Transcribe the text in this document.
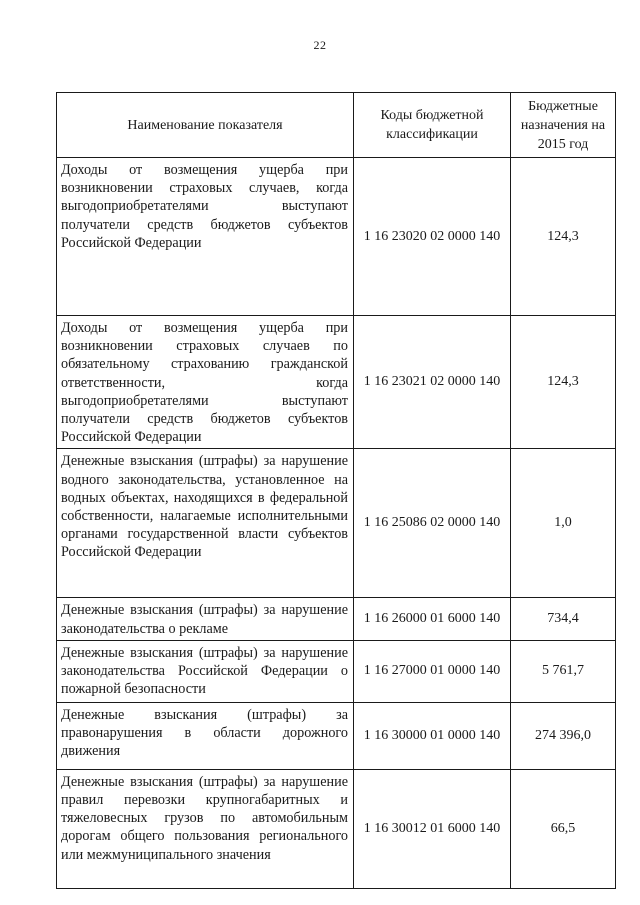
22
Наименование показателя	Коды бюджетной классификации	Бюджетные назначения на 2015 год
Доходы от возмещения ущерба при возникновении страховых случаев, когда выгодоприобретателями выступают получатели средств бюджетов субъектов Российской Федерации	1 16 23020 02 0000 140	124,3
Доходы от возмещения ущерба при возникновении страховых случаев по обязательному страхованию гражданской ответственности, когда выгодоприобретателями выступают получатели средств бюджетов субъектов Российской Федерации	1 16 23021 02 0000 140	124,3
Денежные взыскания (штрафы) за нарушение водного законодательства, установленное на водных объектах, находящихся в федеральной собственности, налагаемые исполнительными органами государственной власти субъектов Российской Федерации	1 16 25086 02 0000 140	1,0
Денежные взыскания (штрафы) за нарушение законодательства о рекламе	1 16 26000 01 6000 140	734,4
Денежные взыскания (штрафы) за нарушение законодательства Российской Федерации о пожарной безопасности	1 16 27000 01 0000 140	5 761,7
Денежные взыскания (штрафы) за правонарушения в области дорожного движения	1 16 30000 01 0000 140	274 396,0
Денежные взыскания (штрафы) за нарушение правил перевозки крупногабаритных и тяжеловесных грузов по автомобильным дорогам общего пользования регионального или межмуниципального значения	1 16 30012 01 6000 140	66,5
